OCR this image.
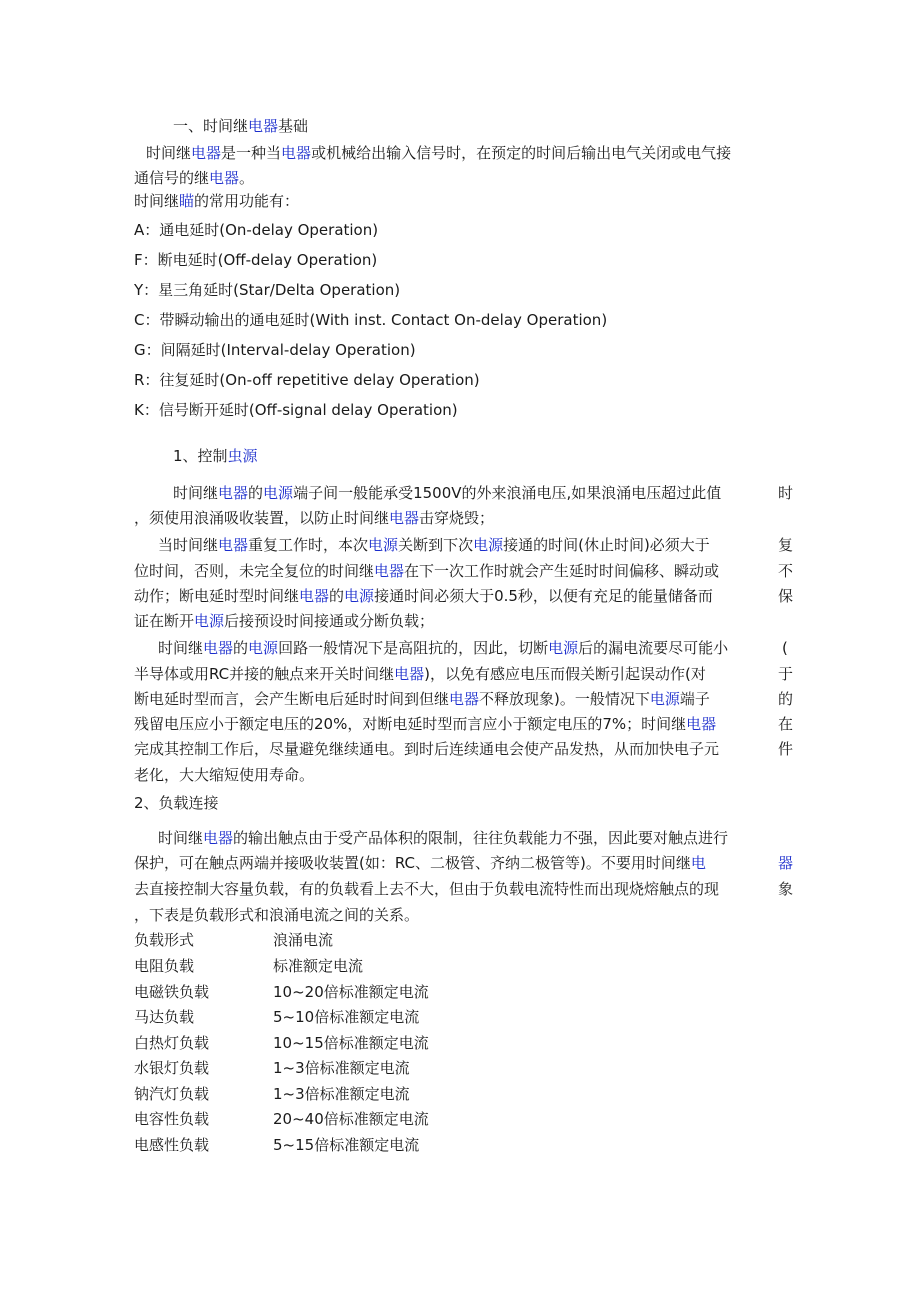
一、时间继电器基础
时间继电器是一种当电器或机械给出输入信号时，在预定的时间后输出电气关闭或电气接
通信号的继电器。
时间继瞄的常用功能有：
A：通电延时(On-delay Operation)
F：断电延时(Off-delay Operation)
Y：星三角延时(Star/Delta Operation)
C：带瞬动输出的通电延时(With inst. Contact On-delay Operation)
G：间隔延时(Interval-delay Operation)
R：往复延时(On-off repetitive delay Operation)
K：信号断开延时(Off-signal delay Operation)
1、控制虫源
时间继电器的电源端子间一般能承受1500V的外来浪涌电压,如果浪涌电压超过此值	时
，须使用浪涌吸收装置，以防止时间继电器击穿烧毁；
当时间继电器重复工作时，本次电源关断到下次电源接通的时间(休止时间)必须大于	复
位时间，否则，未完全复位的时间继电器在下一次工作时就会产生延时时间偏移、瞬动或	不
动作；断电延时型时间继电器的电源接通时间必须大于0.5秒，以便有充足的能量储备而	保
证在断开电源后接预设时间接通或分断负载；
时间继电器的电源回路一般情况下是高阻抗的，因此，切断电源后的漏电流要尽可能小	(
半导体或用RC并接的触点来开关时间继电器)，以免有感应电压而假关断引起误动作(对	于
断电延时型而言，会产生断电后延时时间到但继电器不释放现象)。一般情况下电源端子	的
残留电压应小于额定电压的20%，对断电延时型而言应小于额定电压的7%；时间继电器	在
完成其控制工作后，尽量避免继续通电。到时后连续通电会使产品发热，从而加快电子元	件
老化，大大缩短使用寿命。
2、负载连接
时间继电器的输出触点由于受产品体积的限制，往往负载能力不强，因此要对触点进行
保护，可在触点两端并接吸收装置(如：RC、二极管、齐纳二极管等)。不要用时间继电	器
去直接控制大容量负载，有的负载看上去不大，但由于负载电流特性而出现烧熔触点的现	象
，下表是负载形式和浪涌电流之间的关系。
负载形式	浪涌电流
电阻负载	标准额定电流
电磁铁负载	10~20倍标准额定电流
马达负载	5~10倍标准额定电流
白热灯负载	10~15倍标准额定电流
水银灯负载	1~3倍标准额定电流
钠汽灯负载	1~3倍标准额定电流
电容性负载	20~40倍标准额定电流
电感性负载	5~15倍标准额定电流
